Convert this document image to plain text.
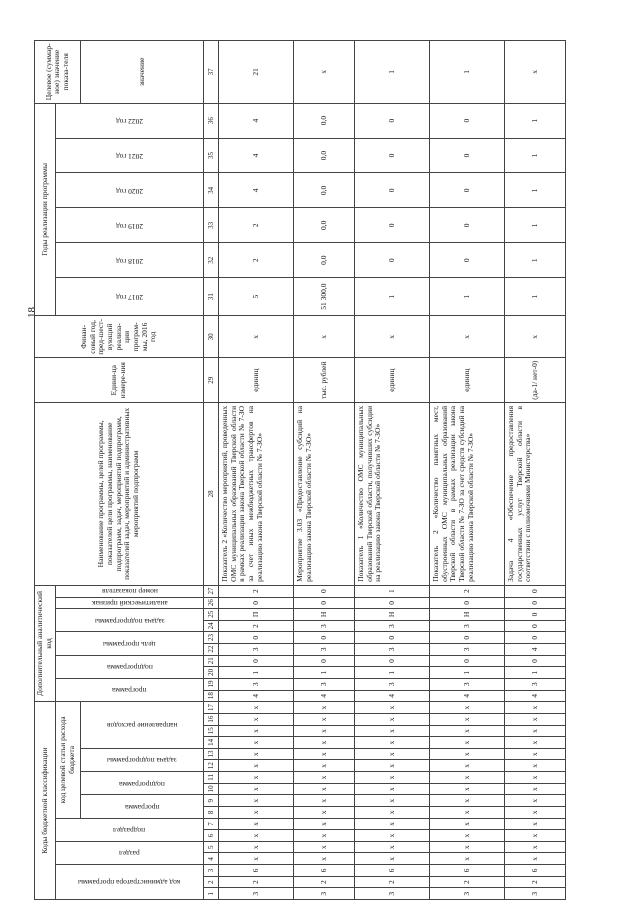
18
Коды бюджетной классификации																	Дополнительный аналитический код										Наименование программы, целей программы, показателей цели программы, наименование подпрограмм, задач, мероприятий подпрограмм, показателей задач, мероприятий и административных мероприятий подпрограмм	Едини-ца измере-ния	Финан-совый год, пред-шест-вующий реализа-ции програм-мы, 2016 год	Годы реализации программы						Целевое (суммар-ное) значение показа-теля

код администратора программы			раздел		подраздел		код целевой статьи расхода бюджета										программа		подпрограмма		цель программы		задача подпрограммы		аналитический признак	номер показателя				2017 год	2018 год	2019 год	2020 год	2021 год	2022 год	

							программа		подпрограмма		задача подпрограммы		направление расходов																							значение
1	2	3	4	5	6	7	8	9	10	11	12	13	14	15	16	17	18	19	20	21	22	23	24	25	26	27	28	29	30	31	32	33	34	35	36	37
3	2	6	х	х	х	х	х	х	х	х	х	х	х	х	х	х	4	3	1	0	3	0	2	П	0	2	Показатель 2 «Количество мероприятий, проведенных ОМС муниципальных образований Тверской области в рамках реализации закона Тверской области № 7-ЗО за счет иных межбюджетных трансфертов на реализацию закона Тверской области № 7-ЗО»	единиц	х	5	2	2	4	4	4	21
3	2	6	х	х	х	х	х	х	х	х	х	х	х	х	х	х	4	3	1	0	3	0	3	Н	0	0	Мероприятие 3.03 «Предоставление субсидий на реализацию закона Тверской области № 7-ЗО»	тыс. рублей	х	51 300,0	0,0	0,0	0,0	0,0	0,0	х
3	2	6	х	х	х	х	х	х	х	х	х	х	х	х	х	х	4	3	1	0	3	0	3	Н	0	1	Показатель 1 «Количество ОМС муниципальных образований Тверской области, получивших субсидии на реализацию закона Тверской области № 7-ЗО»	единиц	х	1	0	0	0	0	0	1
3	2	6	х	х	х	х	х	х	х	х	х	х	х	х	х	х	4	3	1	0	3	0	3	Н	0	2	Показатель 2 «Количество памятных мест, обустроенных ОМС муниципальных образований Тверской области в рамках реализации закона Тверской области № 7-ЗО за счет средств субсидий на реализацию закона Тверской области № 7-ЗО»	единиц	х	1	0	0	0	0	0	1
3	2	6	х	х	х	х	х	х	х	х	х	х	х	х	х	х	4	3	1	0	4	0	0	0	0	0	Задача 4 «Обеспечение предоставления государственных услуг Тверской области в соответствии с полномочиями Министерства»	(да-1/ нет-0)	х	1	1	1	1	1	1	х
